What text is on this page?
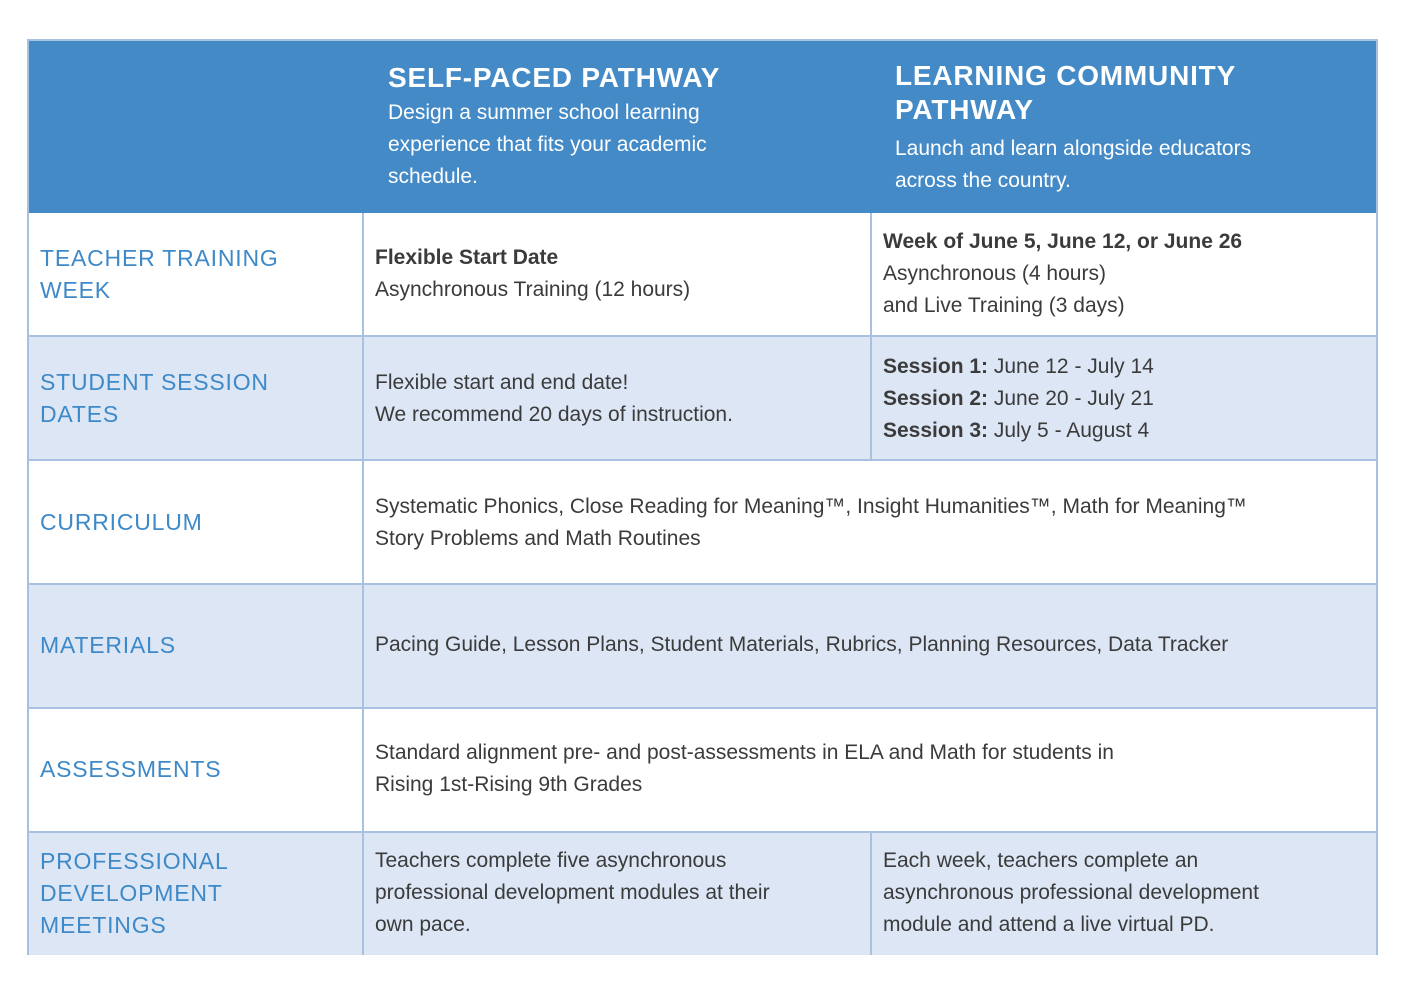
SELF-PACED PATHWAY
Design a summer school learning
experience that fits your academic
schedule.
LEARNING COMMUNITY
PATHWAY
Launch and learn alongside educators
across the country.
TEACHER TRAINING
WEEK
Flexible Start Date
Asynchronous Training (12 hours)
Week of June 5, June 12, or June 26
Asynchronous (4 hours)
and Live Training (3 days)
STUDENT SESSION
DATES
Flexible start and end date!
We recommend 20 days of instruction.
Session 1: June 12 - July 14
Session 2: June 20 - July 21
Session 3: July 5 - August 4
CURRICULUM
Systematic Phonics, Close Reading for Meaning™, Insight Humanities™, Math for Meaning™
Story Problems and Math Routines
MATERIALS	Pacing Guide, Lesson Plans, Student Materials, Rubrics, Planning Resources, Data Tracker
ASSESSMENTS
Standard alignment pre- and post-assessments in ELA and Math for students in
Rising 1st-Rising 9th Grades
PROFESSIONAL
DEVELOPMENT
MEETINGS
Teachers complete five asynchronous
professional development modules at their
own pace.
Each week, teachers complete an
asynchronous professional development
module and attend a live virtual PD.
